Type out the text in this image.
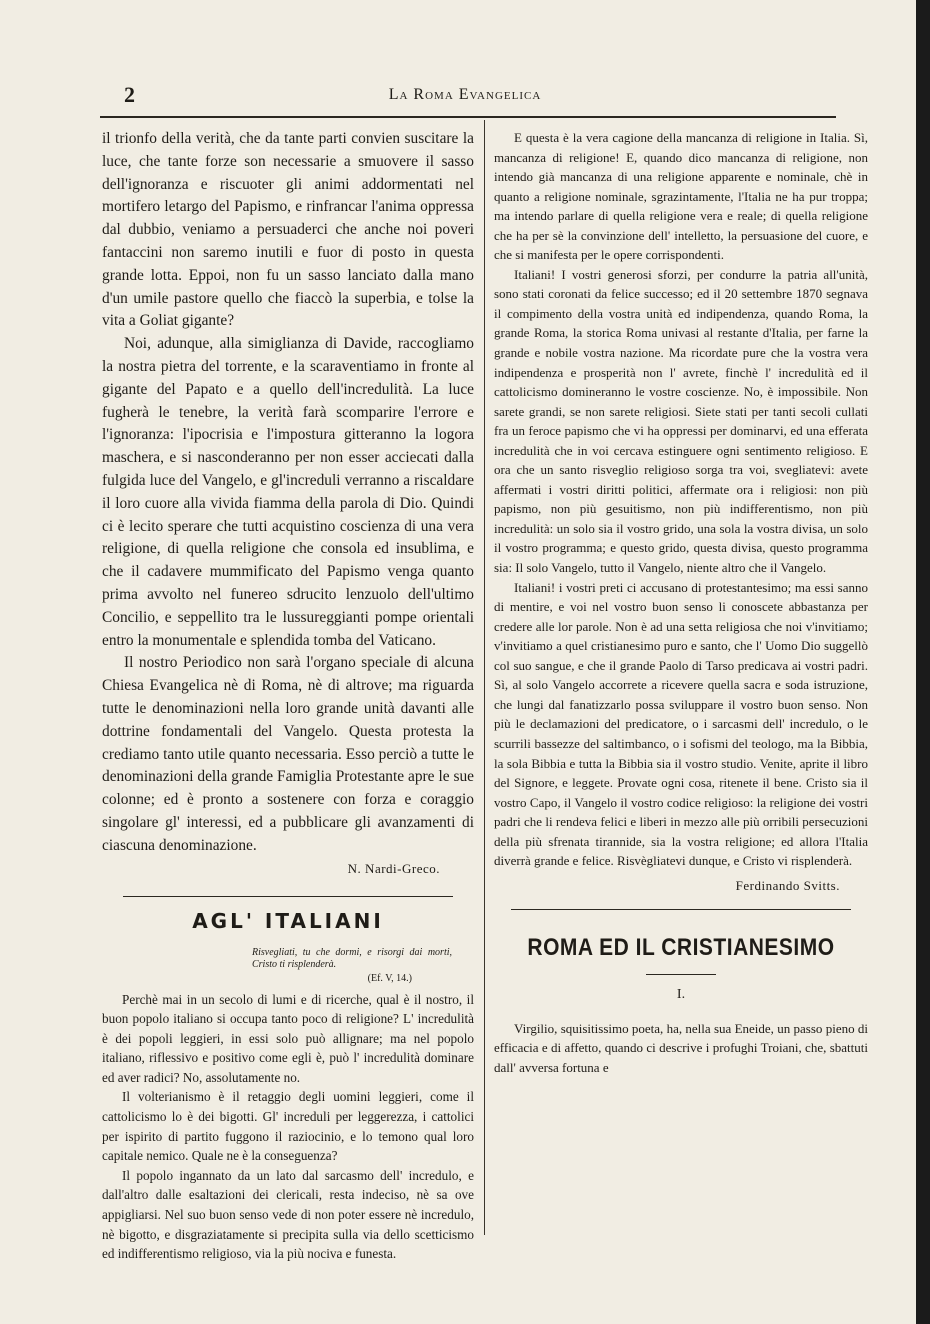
2	La Roma Evangelica

il trionfo della verità, che da tante parti convien suscitare la luce, che tante forze son necessarie a smuovere il sasso dell'ignoranza e riscuoter gli animi addormentati nel mortifero letargo del Papismo, e rinfrancar l'anima oppressa dal dubbio, veniamo a persuaderci che anche noi poveri fantaccini non saremo inutili e fuor di posto in questa grande lotta. Eppoi, non fu un sasso lanciato dalla mano d'un umile pastore quello che fiaccò la superbia, e tolse la vita a Goliat gigante?

Noi, adunque, alla simiglianza di Davide, raccogliamo la nostra pietra del torrente, e la scaraventiamo in fronte al gigante del Papato e a quello dell'incredulità. La luce fugherà le tenebre, la verità farà scomparire l'errore e l'ignoranza: l'ipocrisia e l'impostura gitteranno la logora maschera, e si nasconderanno per non esser acciecati dalla fulgida luce del Vangelo, e gl'increduli verranno a riscaldare il loro cuore alla vivida fiamma della parola di Dio. Quindi ci è lecito sperare che tutti acquistino coscienza di una vera religione, di quella religione che consola ed insublima, e che il cadavere mummificato del Papismo venga quanto prima avvolto nel funereo sdrucito lenzuolo dell'ultimo Concilio, e seppellito tra le lussureggianti pompe orientali entro la monumentale e splendida tomba del Vaticano.

Il nostro Periodico non sarà l'organo speciale di alcuna Chiesa Evangelica nè di Roma, nè di altrove; ma riguarda tutte le denominazioni nella loro grande unità davanti alle dottrine fondamentali del Vangelo. Questa protesta la crediamo tanto utile quanto necessaria. Esso perciò a tutte le denominazioni della grande Famiglia Protestante apre le sue colonne; ed è pronto a sostenere con forza e coraggio singolare gl' interessi, ed a pubblicare gli avanzamenti di ciascuna denominazione.

N. Nardi-Greco.
AGL' ITALIANI
Risvegliati, tu che dormi, e risorgi dai morti, Cristo ti risplenderà.
(Ef. V, 14.)

Perchè mai in un secolo di lumi e di ricerche, qual è il nostro, il buon popolo italiano si occupa tanto poco di religione? L' incredulità è dei popoli leggieri, in essi solo può allignare; ma nel popolo italiano, riflessivo e positivo come egli è, può l' incredulità dominare ed aver radici? No, assolutamente no.

Il volterianismo è il retaggio degli uomini leggieri, come il cattolicismo lo è dei bigotti. Gl' increduli per leggerezza, i cattolici per ispirito di partito fuggono il raziocinio, e lo temono qual loro capitale nemico. Quale ne è la conseguenza?

Il popolo ingannato da un lato dal sarcasmo dell' incredulo, e dall'altro dalle esaltazioni dei clericali, resta indeciso, nè sa ove appigliarsi. Nel suo buon senso vede di non poter essere nè incredulo, nè bigotto, e disgraziatamente si precipita sulla via dello scetticismo ed indifferentismo religioso, via la più nociva e funesta.

E questa è la vera cagione della mancanza di religione in Italia. Sì, mancanza di religione! E, quando dico mancanza di religione, non intendo già mancanza di una religione apparente e nominale, chè in quanto a religione nominale, sgrazintamente, l'Italia ne ha pur troppa; ma intendo parlare di quella religione vera e reale; di quella religione che ha per sè la convinzione dell' intelletto, la persuasione del cuore, e che si manifesta per le opere corrispondenti.

Italiani! I vostri generosi sforzi, per condurre la patria all'unità, sono stati coronati da felice successo; ed il 20 settembre 1870 segnava il compimento della vostra unità ed indipendenza, quando Roma, la grande Roma, la storica Roma univasi al restante d'Italia, per farne la grande e nobile vostra nazione. Ma ricordate pure che la vostra vera indipendenza e prosperità non l' avrete, finchè l' incredulità ed il cattolicismo domineranno le vostre coscienze. No, è impossibile. Non sarete grandi, se non sarete religiosi. Siete stati per tanti secoli cullati fra un feroce papismo che vi ha oppressi per dominarvi, ed una efferata incredulità che in voi cercava estinguere ogni sentimento religioso. E ora che un santo risveglio religioso sorga tra voi, svegliatevi: avete affermati i vostri diritti politici, affermate ora i religiosi: non più papismo, non più gesuitismo, non più indifferentismo, non più incredulità: un solo sia il vostro grido, una sola la vostra divisa, un solo il vostro programma; e questo grido, questa divisa, questo programma sia: Il solo Vangelo, tutto il Vangelo, niente altro che il Vangelo.

Italiani! i vostri preti ci accusano di protestantesimo; ma essi sanno di mentire, e voi nel vostro buon senso li conoscete abbastanza per credere alle lor parole. Non è ad una setta religiosa che noi v'invitiamo; v'invitiamo a quel cristianesimo puro e santo, che l' Uomo Dio suggellò col suo sangue, e che il grande Paolo di Tarso predicava ai vostri padri. Sì, al solo Vangelo accorrete a ricevere quella sacra e soda istruzione, che lungi dal fanatizzarlo possa sviluppare il vostro buon senso. Non più le declamazioni del predicatore, o i sarcasmi dell' incredulo, o le scurrili bassezze del saltimbanco, o i sofismi del teologo, ma la Bibbia, la sola Bibbia e tutta la Bibbia sia il vostro studio. Venite, aprite il libro del Signore, e leggete. Provate ogni cosa, ritenete il bene. Cristo sia il vostro Capo, il Vangelo il vostro codice religioso: la religione dei vostri padri che li rendeva felici e liberi in mezzo alle più orribili persecuzioni della più sfrenata tirannide, sia la vostra religione; ed allora l'Italia diverrà grande e felice. Risvègliatevi dunque, e Cristo vi risplenderà.

Ferdinando Svitts.
ROMA ED IL CRISTIANESIMO
I.

Virgilio, squisitissimo poeta, ha, nella sua Eneide, un passo pieno di efficacia e di affetto, quando ci descrive i profughi Troiani, che, sbattuti dall' avversa fortuna e
